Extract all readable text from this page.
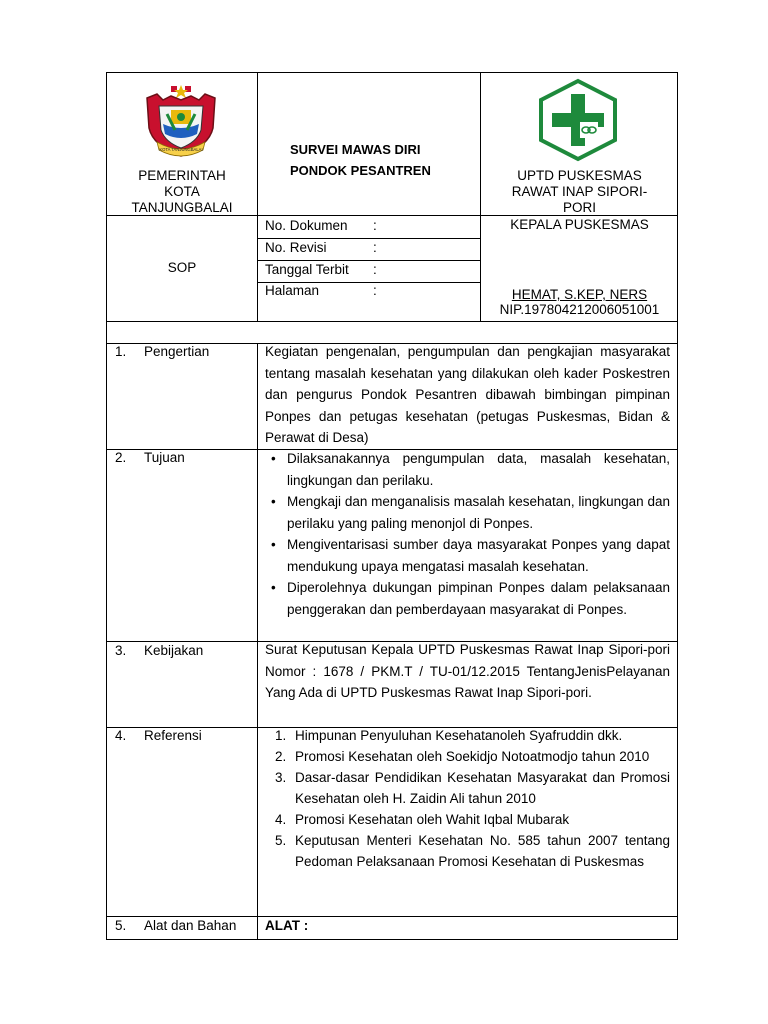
KOTA TANJUNGBALAI
PEMERINTAH
KOTA
TANJUNGBALAI
SURVEI MAWAS DIRI
PONDOK PESANTREN	UPTD PUSKESMAS
RAWAT INAP SIPORI-
PORI
SOP
No. Dokumen :
No. Revisi	:
Tanggal Terbit :
Halaman	:
KEPALA PUSKESMAS
HEMAT, S.KEP, NERS
NIP.197804212006051001
1. Pengertian	Kegiatan pengenalan, pengumpulan dan pengkajian masyarakat tentang masalah kesehatan yang dilakukan oleh kader Poskestren dan pengurus Pondok Pesantren dibawah bimbingan pimpinan Ponpes dan petugas kesehatan (petugas Puskesmas, Bidan & Perawat di Desa)
2. Tujuan
•	Dilaksanakannya pengumpulan data, masalah kesehatan, lingkungan dan perilaku.
• Mengkaji dan menganalisis masalah kesehatan, lingkungan dan perilaku yang paling menonjol di Ponpes.
• Mengiventarisasi sumber daya masyarakat Ponpes yang dapat mendukung upaya mengatasi masalah kesehatan.
• Diperolehnya dukungan pimpinan Ponpes dalam pelaksanaan penggerakan dan pemberdayaan masyarakat di Ponpes.
3. Kebijakan	Surat Keputusan Kepala UPTD Puskesmas Rawat Inap Sipori-pori Nomor : 1678 / PKM.T / TU-01/12.2015 TentangJenisPelayanan Yang Ada di UPTD Puskesmas Rawat Inap Sipori-pori.
4. Referensi	1. Himpunan Penyuluhan Kesehatanoleh Syafruddin dkk.
2. Promosi Kesehatan oleh Soekidjo Notoatmodjo tahun 2010
3. Dasar-dasar Pendidikan Kesehatan Masyarakat dan Promosi Kesehatan oleh H. Zaidin Ali tahun 2010
4. Promosi Kesehatan oleh Wahit Iqbal Mubarak
5. Keputusan Menteri Kesehatan No. 585 tahun 2007 tentang Pedoman Pelaksanaan Promosi Kesehatan di Puskesmas
5. Alat dan Bahan ALAT :
